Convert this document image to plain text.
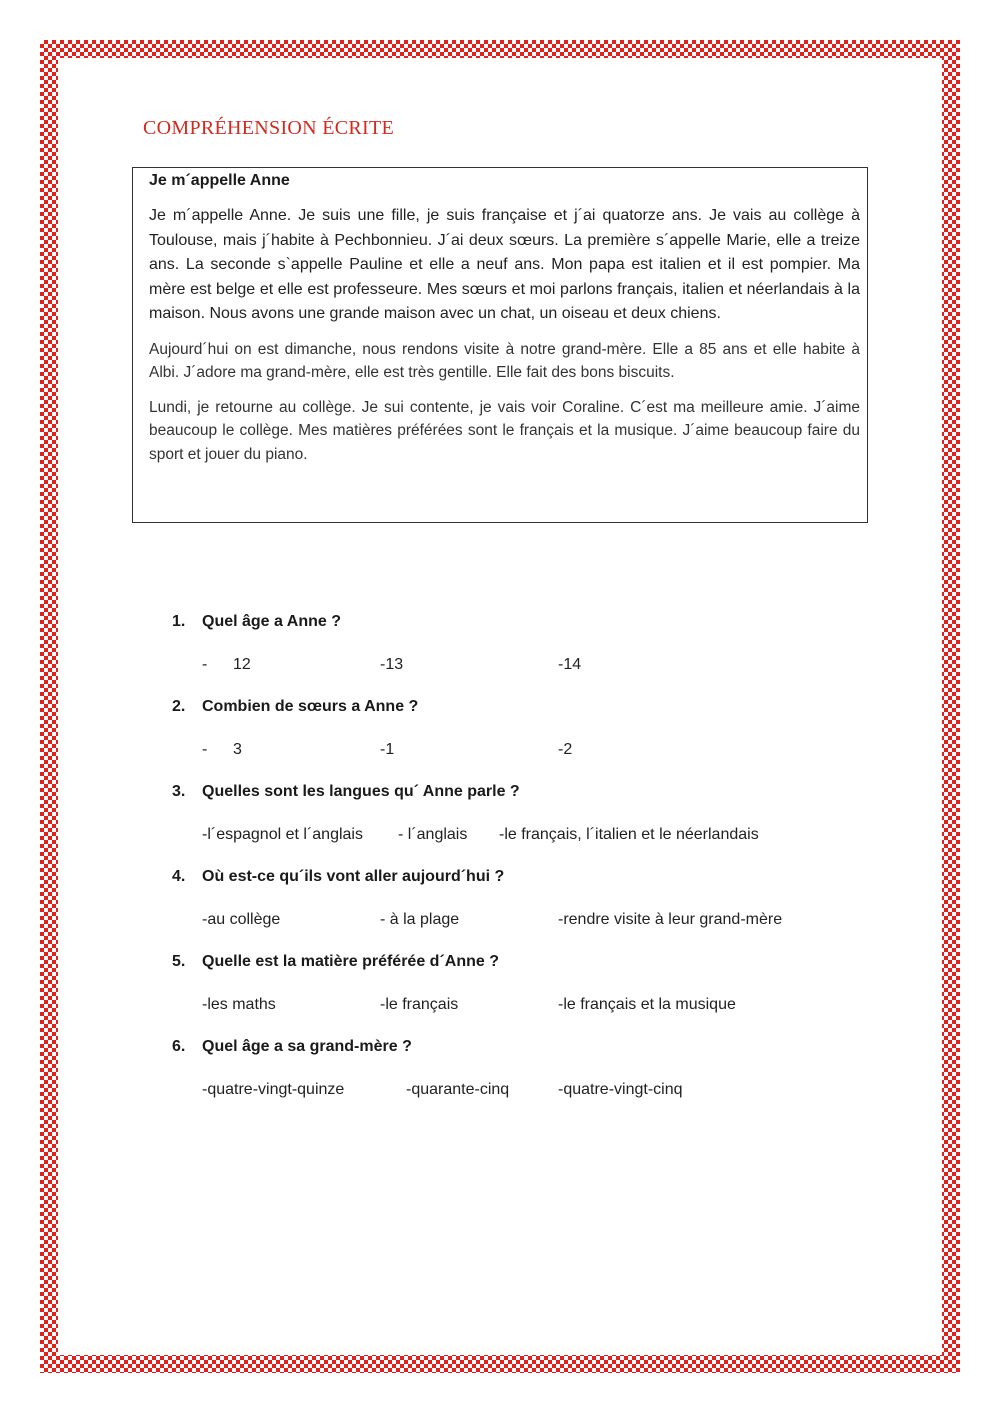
COMPRÉHENSION ÉCRITE

Je m´appelle Anne

Je m´appelle Anne. Je suis une fille, je suis française et j´ai quatorze ans. Je vais au collège à Toulouse, mais j´habite à Pechbonnieu. J´ai deux sœurs. La première s´appelle Marie, elle a treize ans. La seconde s`appelle Pauline et elle a neuf ans. Mon papa est italien et il est pompier. Ma mère est belge et elle est professeure. Mes sœurs et moi parlons français, italien et néerlandais à la maison. Nous avons une grande maison avec un chat, un oiseau et deux chiens.

Aujourd´hui on est dimanche, nous rendons visite à notre grand-mère. Elle a 85 ans et elle habite à Albi. J´adore ma grand-mère, elle est très gentille. Elle fait des bons biscuits.

Lundi, je retourne au collège. Je sui contente, je vais voir Coraline. C´est ma meilleure amie. J´aime beaucoup le collège. Mes matières préférées sont le français et la musique. J´aime beaucoup faire du sport et jouer du piano.

1. Quel âge a Anne ?
- 12	-13	-14
2. Combien de sœurs a Anne ?
- 3	-1	-2
3. Quelles sont les langues qu´ Anne parle ?
-l´espagnol et l´anglais - l´anglais -le français, l´italien et le néerlandais
4. Où est-ce qu´ils vont aller aujourd´hui ?
-au collège	- à la plage	-rendre visite à leur grand-mère
5. Quelle est la matière préférée d´Anne ?
-les maths	-le français	-le français et la musique
6. Quel âge a sa grand-mère ?
-quatre-vingt-quinze	-quarante-cinq	-quatre-vingt-cinq
